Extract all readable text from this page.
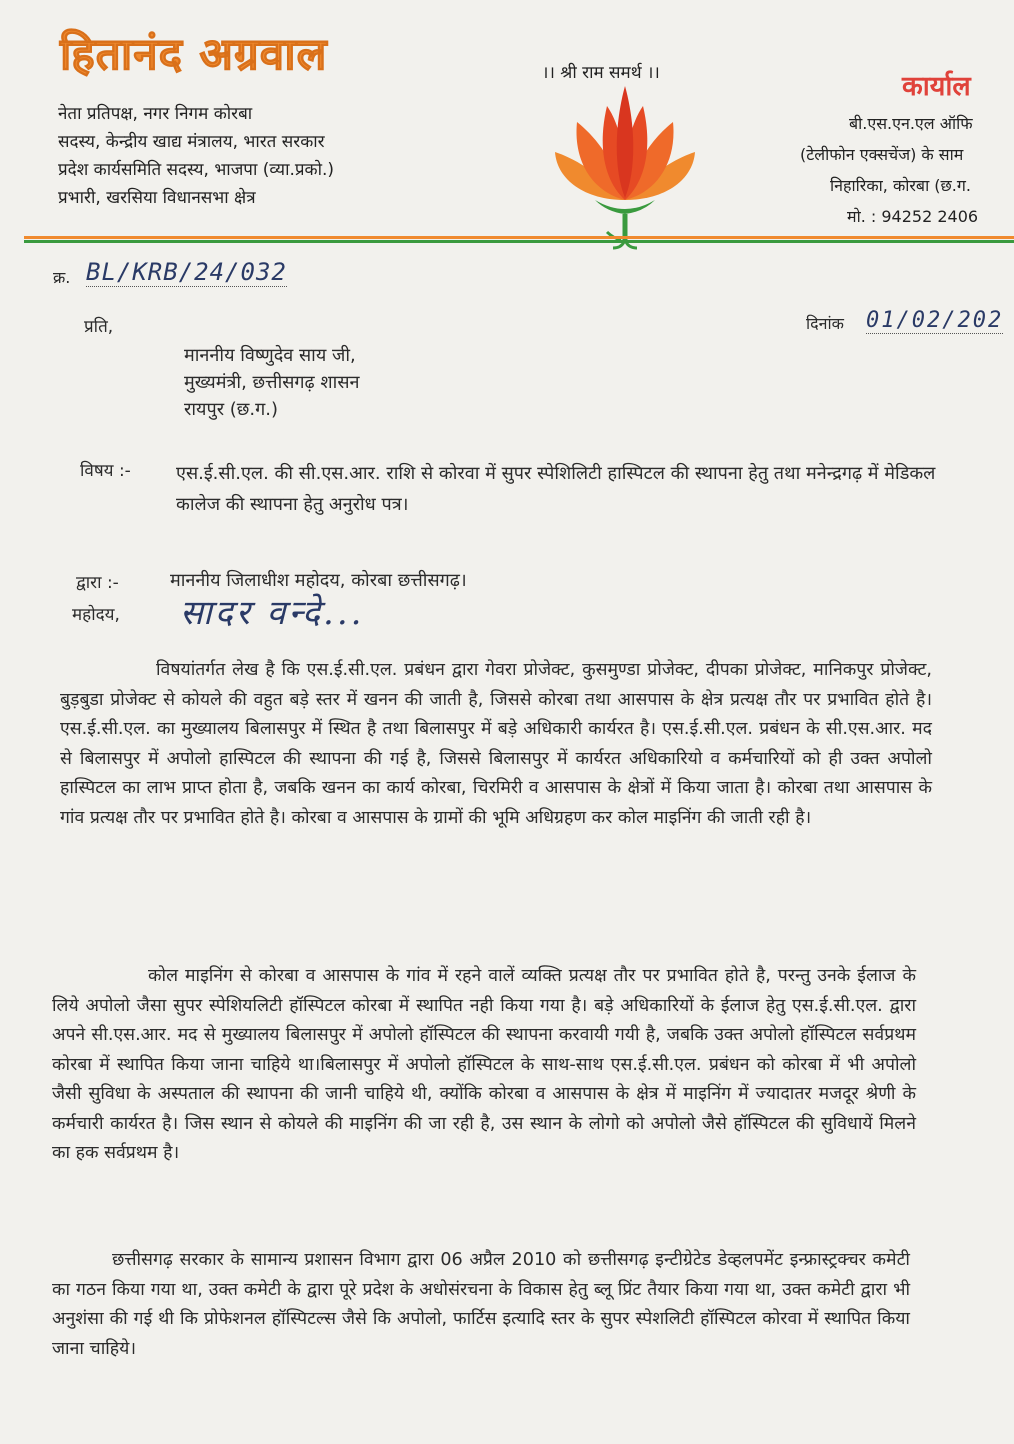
हितानंद अग्रवाल
नेता प्रतिपक्ष, नगर निगम कोरबा
सदस्य, केन्द्रीय खाद्य मंत्रालय, भारत सरकार
प्रदेश कार्यसमिति सदस्य, भाजपा (व्या.प्रको.)
प्रभारी, खरसिया विधानसभा क्षेत्र
।। श्री राम समर्थ ।।	कार्याल
बी.एस.एन.एल ऑफि
(टेलीफोन एक्सचेंज) के साम
निहारिका, कोरबा (छ.ग.
मो. : 94252 2406
क्र. BL/KRB/24/032
प्रति,	दिनांक 01/02/202
माननीय विष्णुदेव साय जी,
मुख्यमंत्री, छत्तीसगढ़ शासन
रायपुर (छ.ग.)
विषय :-	एस.ई.सी.एल. की सी.एस.आर. राशि से कोरवा में सुपर स्पेशिलिटी हास्पिटल की स्थापना हेतु तथा मनेन्द्रगढ़ में मेडिकल कालेज की स्थापना हेतु अनुरोध पत्र।
द्वारा :-	माननीय जिलाधीश महोदय, कोरबा छत्तीसगढ़।
महोदय, सादर वन्दे...
विषयांतर्गत लेख है कि एस.ई.सी.एल. प्रबंधन द्वारा गेवरा प्रोजेक्ट, कुसमुण्डा प्रोजेक्ट, दीपका प्रोजेक्ट, मानिकपुर प्रोजेक्ट, बुड़बुडा प्रोजेक्ट से कोयले की वहुत बड़े स्तर में खनन की जाती है, जिससे कोरबा तथा आसपास के क्षेत्र प्रत्यक्ष तौर पर प्रभावित होते है। एस.ई.सी.एल. का मुख्यालय बिलासपुर में स्थित है तथा बिलासपुर में बड़े अधिकारी कार्यरत है। एस.ई.सी.एल. प्रबंधन के सी.एस.आर. मद से बिलासपुर में अपोलो हास्पिटल की स्थापना की गई है, जिससे बिलासपुर में कार्यरत अधिकारियो व कर्मचारियों को ही उक्त अपोलो हास्पिटल का लाभ प्राप्त होता है, जबकि खनन का कार्य कोरबा, चिरमिरी व आसपास के क्षेत्रों में किया जाता है। कोरबा तथा आसपास के गांव प्रत्यक्ष तौर पर प्रभावित होते है। कोरबा व आसपास के ग्रामों की भूमि अधिग्रहण कर कोल माइनिंग की जाती रही है।
कोल माइनिंग से कोरबा व आसपास के गांव में रहने वालें व्यक्ति प्रत्यक्ष तौर पर प्रभावित होते है, परन्तु उनके ईलाज के लिये अपोलो जैसा सुपर स्पेशियलिटी हॉस्पिटल कोरबा में स्थापित नही किया गया है। बड़े अधिकारियों के ईलाज हेतु एस.ई.सी.एल. द्वारा अपने सी.एस.आर. मद से मुख्यालय बिलासपुर में अपोलो हॉस्पिटल की स्थापना करवायी गयी है, जबकि उक्त अपोलो हॉस्पिटल सर्वप्रथम कोरबा में स्थापित किया जाना चाहिये था।बिलासपुर में अपोलो हॉस्पिटल के साथ-साथ एस.ई.सी.एल. प्रबंधन को कोरबा में भी अपोलो जैसी सुविधा के अस्पताल की स्थापना की जानी चाहिये थी, क्योंकि कोरबा व आसपास के क्षेत्र में माइनिंग में ज्यादातर मजदूर श्रेणी के कर्मचारी कार्यरत है। जिस स्थान से कोयले की माइनिंग की जा रही है, उस स्थान के लोगो को अपोलो जैसे हॉस्पिटल की सुविधायें मिलने का हक सर्वप्रथम है।
छत्तीसगढ़ सरकार के सामान्य प्रशासन विभाग द्वारा 06 अप्रैल 2010 को छत्तीसगढ़ इन्टीग्रेटेड डेव्हलपमेंट इन्फ्रास्ट्रक्चर कमेटी का गठन किया गया था, उक्त कमेटी के द्वारा पूरे प्रदेश के अधोसंरचना के विकास हेतु ब्लू प्रिंट तैयार किया गया था, उक्त कमेटी द्वारा भी अनुशंसा की गई थी कि प्रोफेशनल हॉस्पिटल्स जैसे कि अपोलो, फार्टिस इत्यादि स्तर के सुपर स्पेशलिटी हॉस्पिटल कोरवा में स्थापित किया जाना चाहिये।
